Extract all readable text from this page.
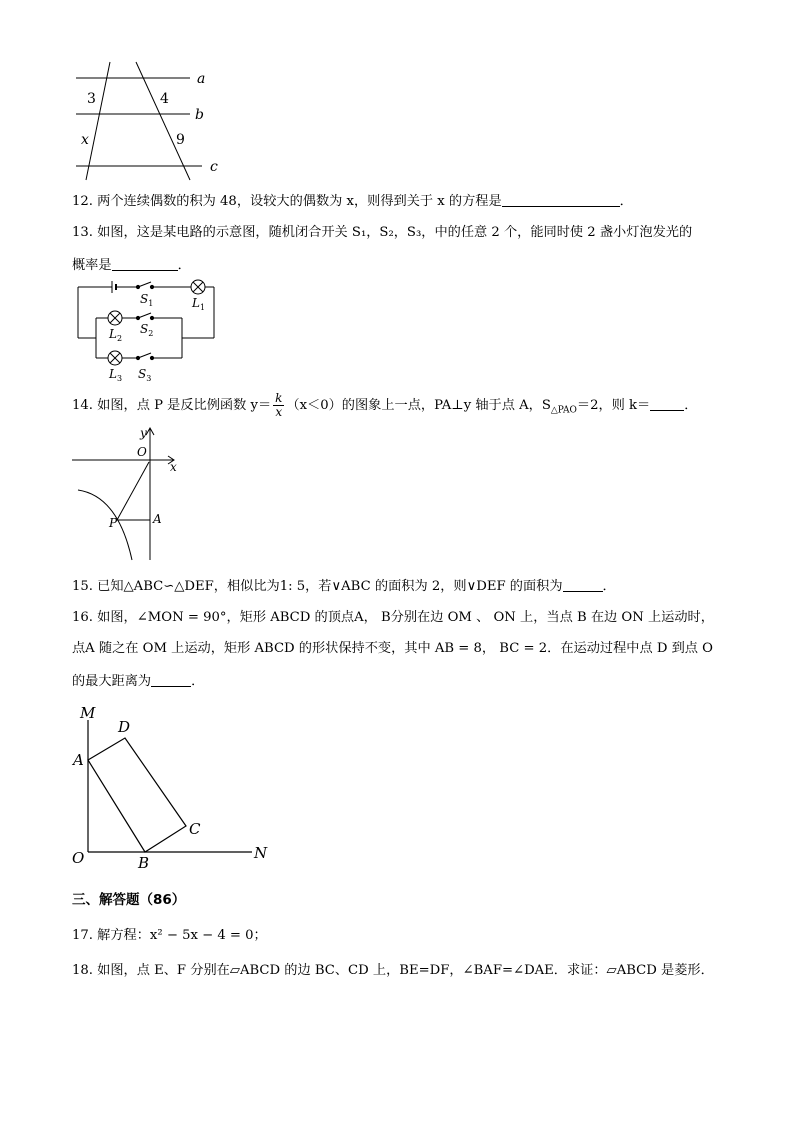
a
b
c
3	4
x	9
12. 两个连续偶数的积为 48，设较大的偶数为 x，则得到关于 x 的方程是	．
13. 如图，这是某电路的示意图，随机闭合开关 S₁，S₂，S₃，中的任意 2 个，能同时使 2 盏小灯泡发光的
概率是	．
$S_1$	$L_1$
$L_2$
$S_2$
$L_3$ $S_3$
14. 如图，点 P 是反比例函数 $y= \frac{k}{x} (x<0)$的图象上一点，PA⊥y 轴于点 A，$S_{\triangle PAO}=2$，则 k＝	．
y
O
x
P	A
15. 已知△ABC∽△DEF，相似比为1: 5，若∨ABC 的面积为 2，则∨DEF 的面积为	．
16. 如图，∠MON = 90°，矩形 ABCD 的顶点A， B分别在边 OM 、 ON 上，当点 B 在边 ON 上运动时，
点A 随之在 OM 上运动，矩形 ABCD 的形状保持不变，其中 AB = 8， BC = 2．在运动过程中点 D 到点 O
的最大距离为	．
M
D
A
C
O	B
N
三、解答题（86）
17. 解方程：x² − 5x − 4 = 0；
18. 如图，点 E、F 分别在▱ABCD 的边 BC、CD 上，BE=DF，∠BAF=∠DAE．求证：▱ABCD 是菱形．
